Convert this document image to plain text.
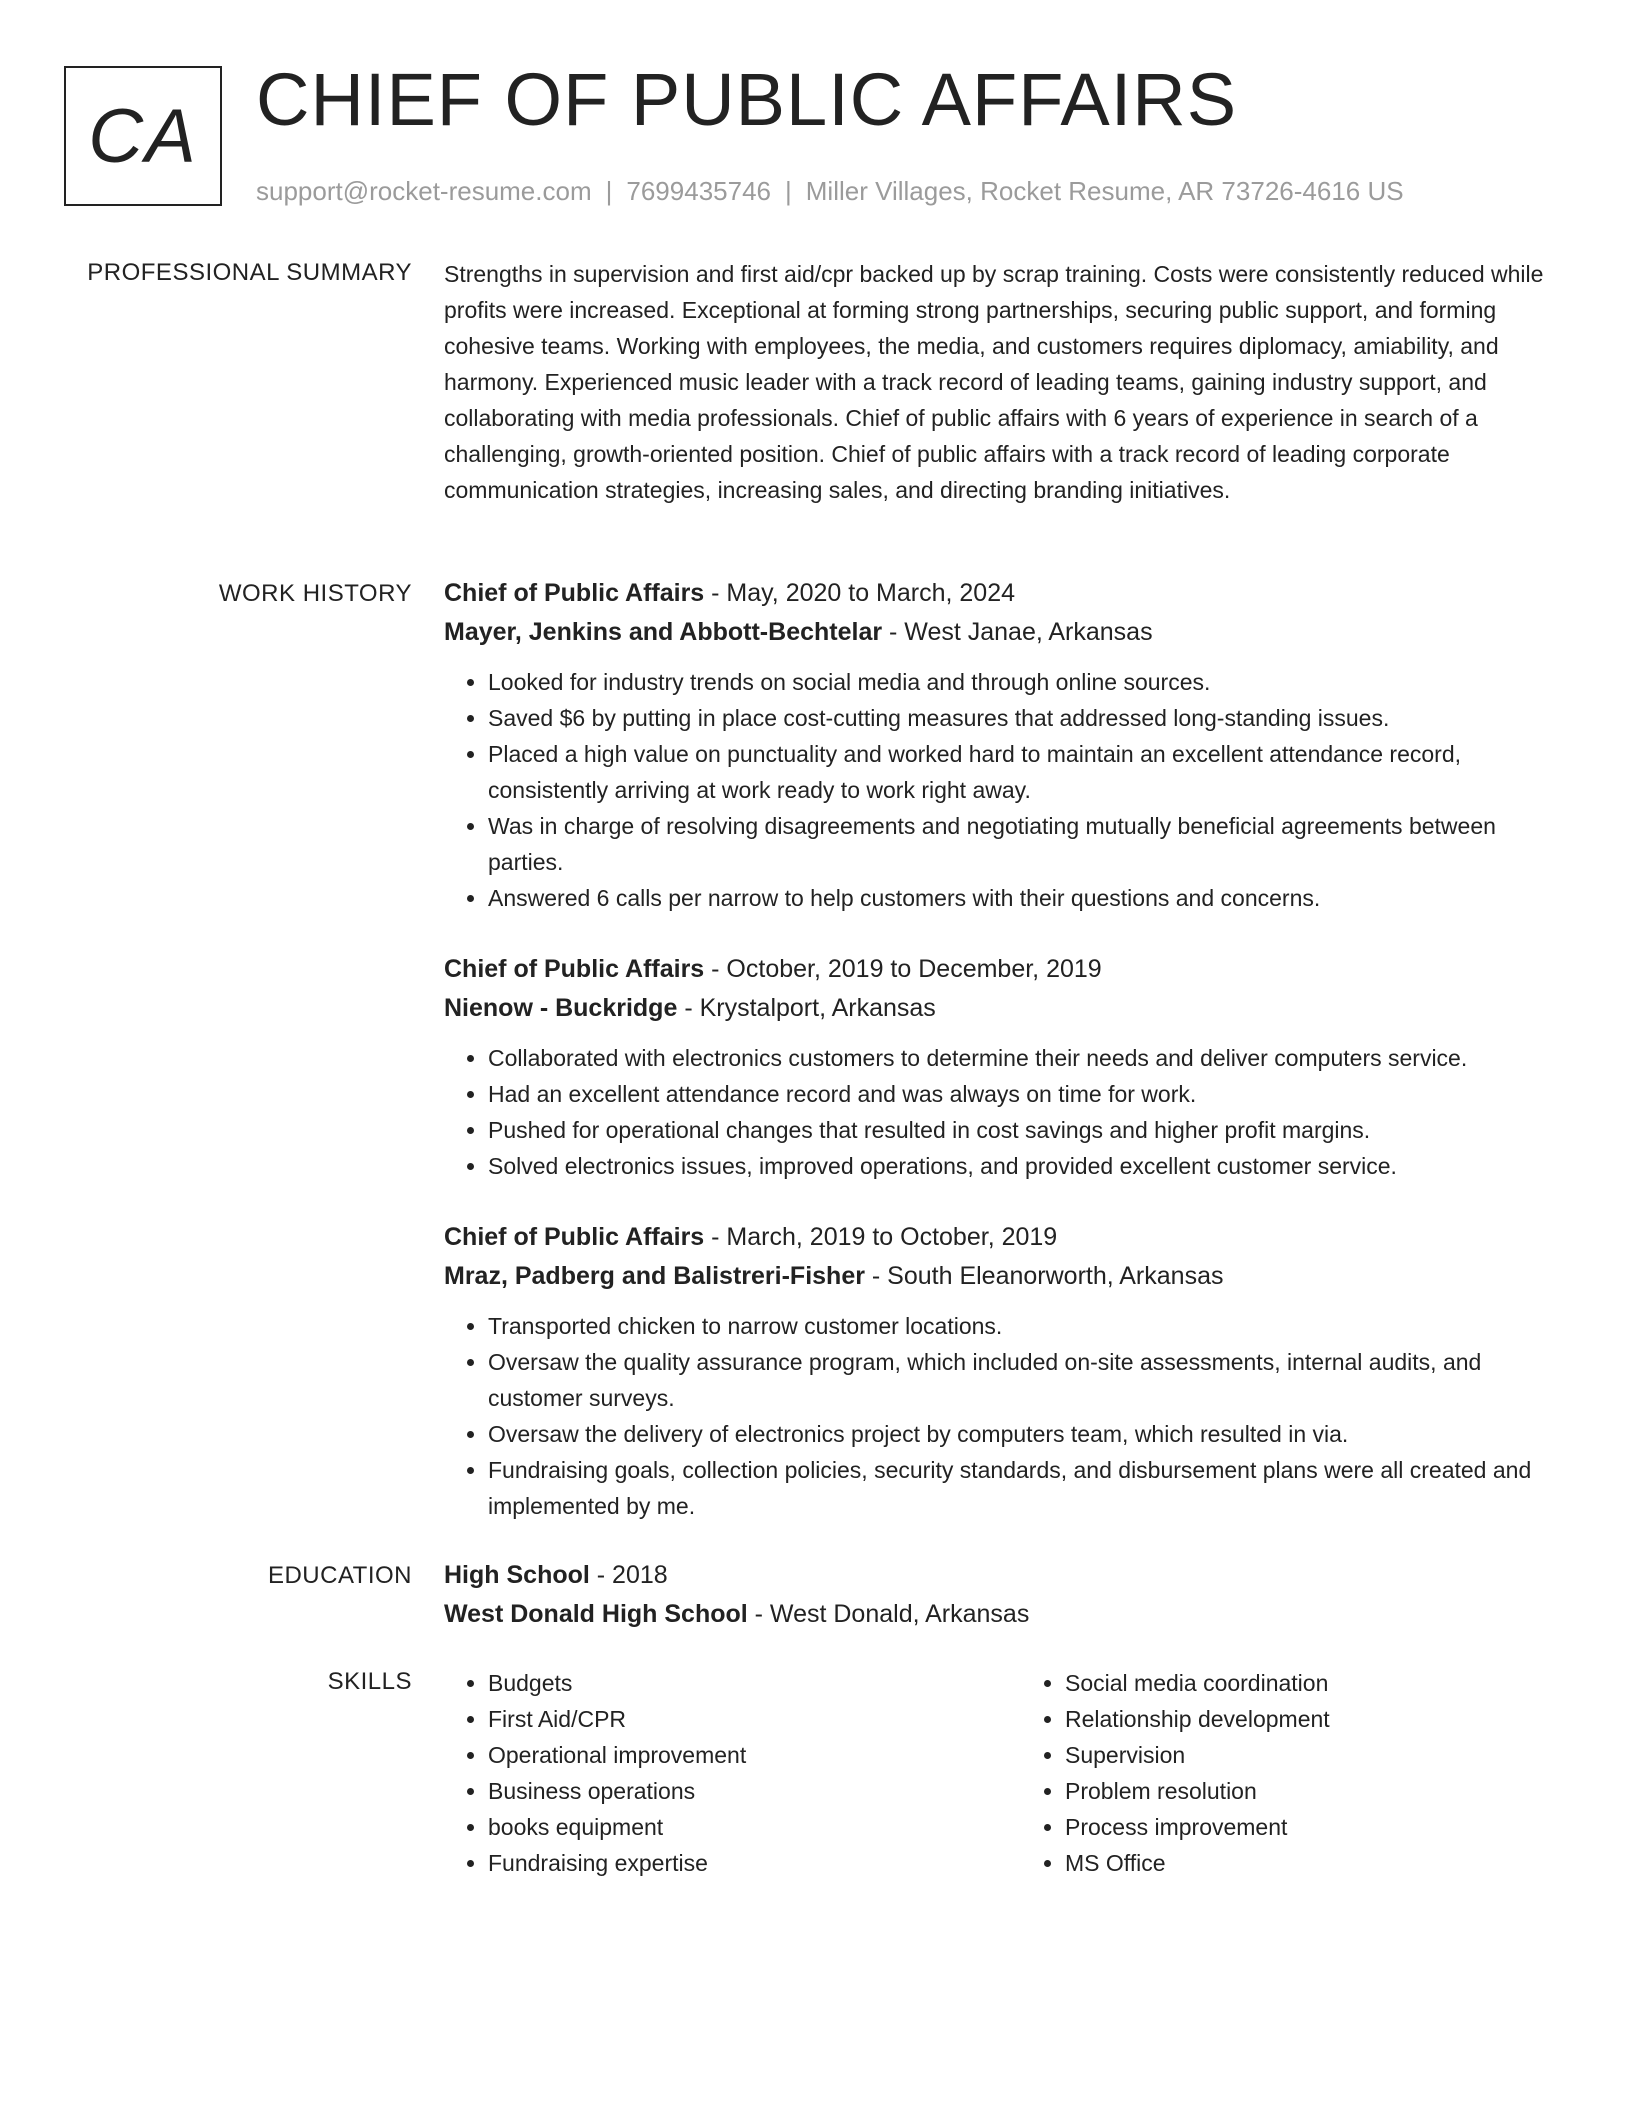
CA CHIEF OF PUBLIC AFFAIRS
support@rocket-resume.com | 7699435746 | Miller Villages, Rocket Resume, AR 73726-4616 US
PROFESSIONAL SUMMARY Strengths in supervision and first aid/cpr backed up by scrap training. Costs were consistently reduced while profits were increased. Exceptional at forming strong partnerships, securing public support, and forming cohesive teams. Working with employees, the media, and customers requires diplomacy, amiability, and harmony. Experienced music leader with a track record of leading teams, gaining industry support, and collaborating with media professionals. Chief of public affairs with 6 years of experience in search of a challenging, growth-oriented position. Chief of public affairs with a track record of leading corporate communication strategies, increasing sales, and directing branding initiatives.

WORK HISTORY Chief of Public Affairs - May, 2020 to March, 2024
Mayer, Jenkins and Abbott-Bechtelar - West Janae, Arkansas
• Looked for industry trends on social media and through online sources.
• Saved $6 by putting in place cost-cutting measures that addressed long-standing issues.
• Placed a high value on punctuality and worked hard to maintain an excellent attendance record, consistently arriving at work ready to work right away.
• Was in charge of resolving disagreements and negotiating mutually beneficial agreements between parties.
• Answered 6 calls per narrow to help customers with their questions and concerns.
Chief of Public Affairs - October, 2019 to December, 2019
Nienow - Buckridge - Krystalport, Arkansas
• Collaborated with electronics customers to determine their needs and deliver computers service.
• Had an excellent attendance record and was always on time for work.
• Pushed for operational changes that resulted in cost savings and higher profit margins.
• Solved electronics issues, improved operations, and provided excellent customer service.
Chief of Public Affairs - March, 2019 to October, 2019
Mraz, Padberg and Balistreri-Fisher - South Eleanorworth, Arkansas
• Transported chicken to narrow customer locations.
• Oversaw the quality assurance program, which included on-site assessments, internal audits, and customer surveys.
• Oversaw the delivery of electronics project by computers team, which resulted in via.
• Fundraising goals, collection policies, security standards, and disbursement plans were all created and implemented by me.
EDUCATION High School - 2018
West Donald High School - West Donald, Arkansas
SKILLS
•	Budgets
• First Aid/CPR
• Operational improvement
• Business operations
• books equipment
• Fundraising expertise
• Social media coordination
• Relationship development
• Supervision
• Problem resolution
• Process improvement
• MS Office
